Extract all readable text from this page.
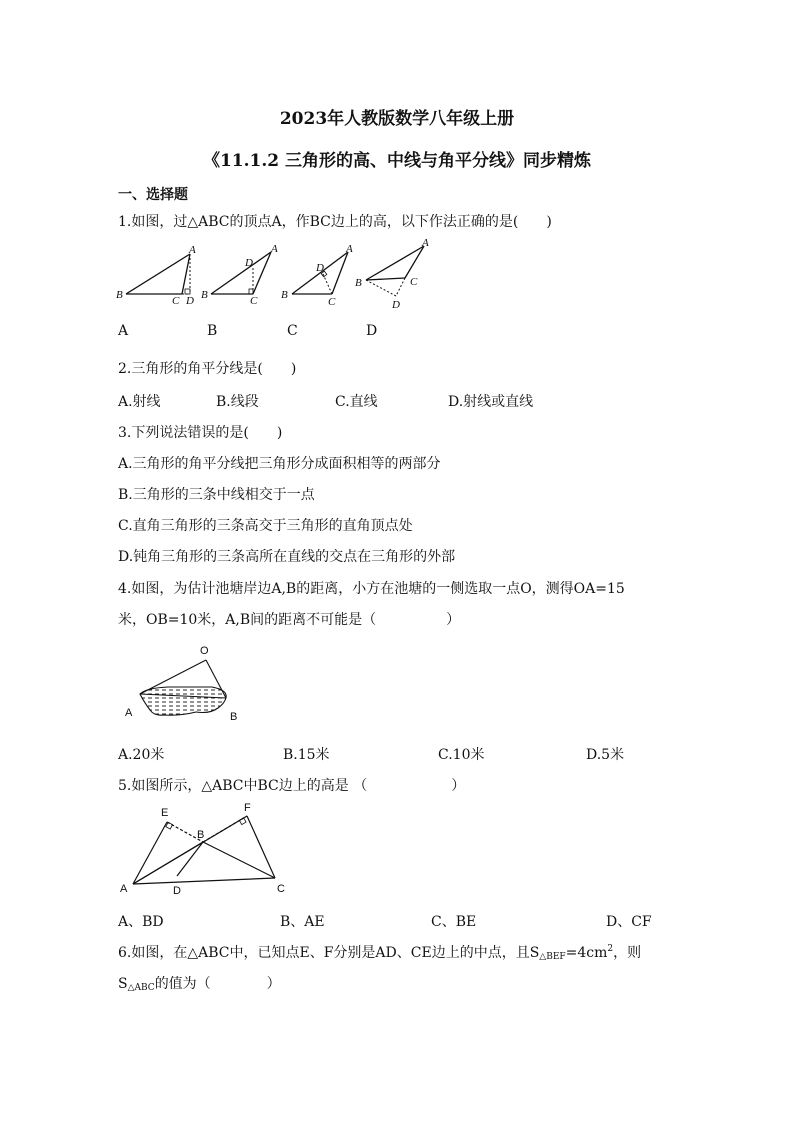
2023年人教版数学八年级上册
《11.1.2 三角形的高、中线与角平分线》同步精炼
一、选择题
1.如图，过△ABC的顶点A，作BC边上的高，以下作法正确的是(　　)
B
A
C D B
A
D
C B
A
D
C
B
A
C
D
A	B	C	D
2.三角形的角平分线是(　　)
A.射线	B.线段	C.直线	D.射线或直线
3.下列说法错误的是(　　)
A.三角形的角平分线把三角形分成面积相等的两部分
B.三角形的三条中线相交于一点
C.直角三角形的三条高交于三角形的直角顶点处
D.钝角三角形的三条高所在直线的交点在三角形的外部
4.如图，为估计池塘岸边A,B的距离，小方在池塘的一侧选取一点O，测得OA=15
米，OB=10米，A,B间的距离不可能是（　　　　　）
O
A	B
A.20米	B.15米	C.10米	D.5米
5.如图所示，△ABC中BC边上的高是 （　　　　　　）
E	F
B
A	D	C
A、BD	B、AE	C、BE	D、CF
6.如图，在△ABC中，已知点E、F分别是AD、CE边上的中点，且$S_{\triangle BEF}=4cm^2$，则
$S_{\triangle ABC}$的值为（　　　　）
